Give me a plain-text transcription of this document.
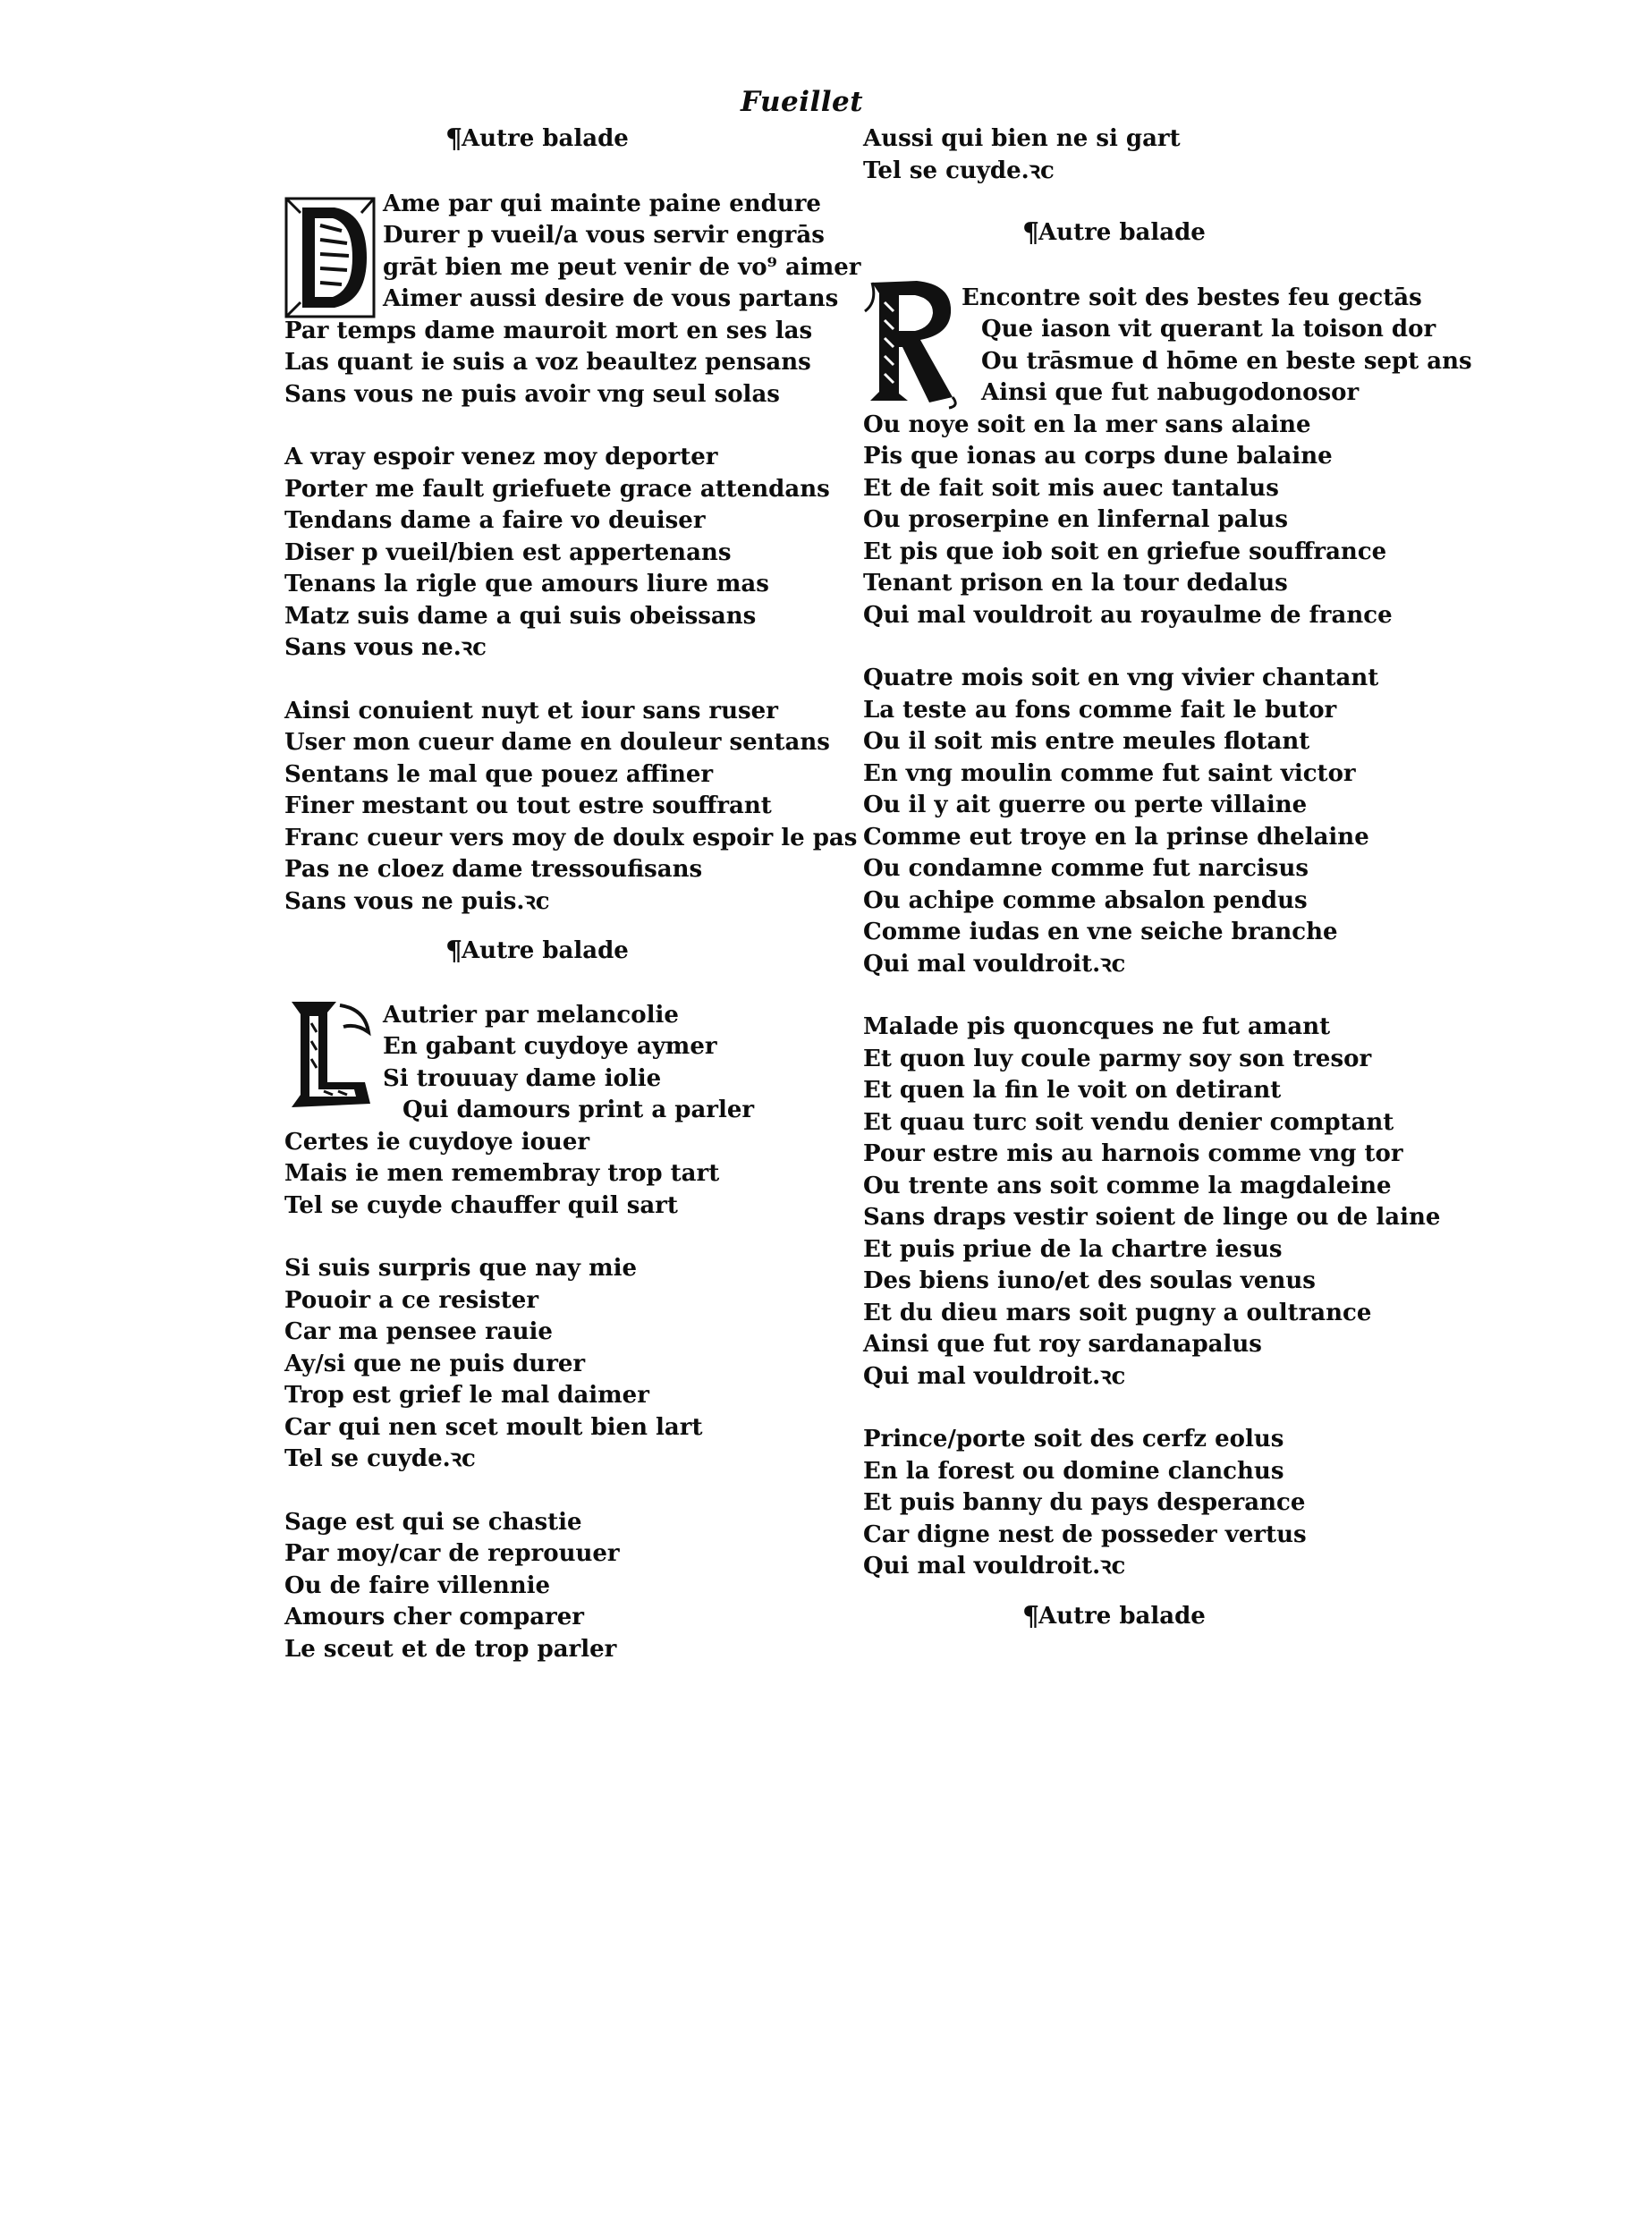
Fueillet
¶Autre balade
Ame par qui mainte paine endure
Durer p vueil/a vous servir engrās
grāt bien me peut venir de vo⁹ aimer
Aimer aussi desire de vous partans
Par temps dame mauroit mort en ses las
Las quant ie suis a voz beaultez pensans
Sans vous ne puis avoir vng seul solas
A vray espoir venez moy deporter
Porter me fault griefuete grace attendans
Tendans dame a faire vo deuiser
Diser p vueil/bien est appertenans
Tenans la rigle que amours liure mas
Matz suis dame a qui suis obeissans
Sans vous ne.ꝛc
Ainsi conuient nuyt et iour sans ruser
User mon cueur dame en douleur sentans
Sentans le mal que pouez affiner
Finer mestant ou tout estre souffrant
Franc cueur vers moy de doulx espoir le pas
Pas ne cloez dame tressoufisans
Sans vous ne puis.ꝛc
¶Autre balade
Autrier par melancolie
En gabant cuydoye aymer
Si trouuay dame iolie
Qui damours print a parler
Certes ie cuydoye iouer
Mais ie men remembray trop tart
Tel se cuyde chauffer quil sart
Si suis surpris que nay mie
Pouoir a ce resister
Car ma pensee rauie
Ay/si que ne puis durer
Trop est grief le mal daimer
Car qui nen scet moult bien lart
Tel se cuyde.ꝛc
Sage est qui se chastie
Par moy/car de reprouuer
Ou de faire villennie
Amours cher comparer
Le sceut et de trop parler
Aussi qui bien ne si gart
Tel se cuyde.ꝛc
¶Autre balade
Encontre soit des bestes feu gectās
Que iason vit querant la toison dor
Ou trāsmue d hōme en beste sept ans
Ainsi que fut nabugodonosor
Ou noye soit en la mer sans alaine
Pis que ionas au corps dune balaine
Et de fait soit mis auec tantalus
Ou proserpine en linfernal palus
Et pis que iob soit en griefue souffrance
Tenant prison en la tour dedalus
Qui mal vouldroit au royaulme de france
Quatre mois soit en vng vivier chantant
La teste au fons comme fait le butor
Ou il soit mis entre meules flotant
En vng moulin comme fut saint victor
Ou il y ait guerre ou perte villaine
Comme eut troye en la prinse dhelaine
Ou condamne comme fut narcisus
Ou achipe comme absalon pendus
Comme iudas en vne seiche branche
Qui mal vouldroit.ꝛc
Malade pis quoncques ne fut amant
Et quon luy coule parmy soy son tresor
Et quen la fin le voit on detirant
Et quau turc soit vendu denier comptant
Pour estre mis au harnois comme vng tor
Ou trente ans soit comme la magdaleine
Sans draps vestir soient de linge ou de laine
Et puis priue de la chartre iesus
Des biens iuno/et des soulas venus
Et du dieu mars soit pugny a oultrance
Ainsi que fut roy sardanapalus
Qui mal vouldroit.ꝛc
Prince/porte soit des cerfz eolus
En la forest ou domine clanchus
Et puis banny du pays desperance
Car digne nest de posseder vertus
Qui mal vouldroit.ꝛc
¶Autre balade
